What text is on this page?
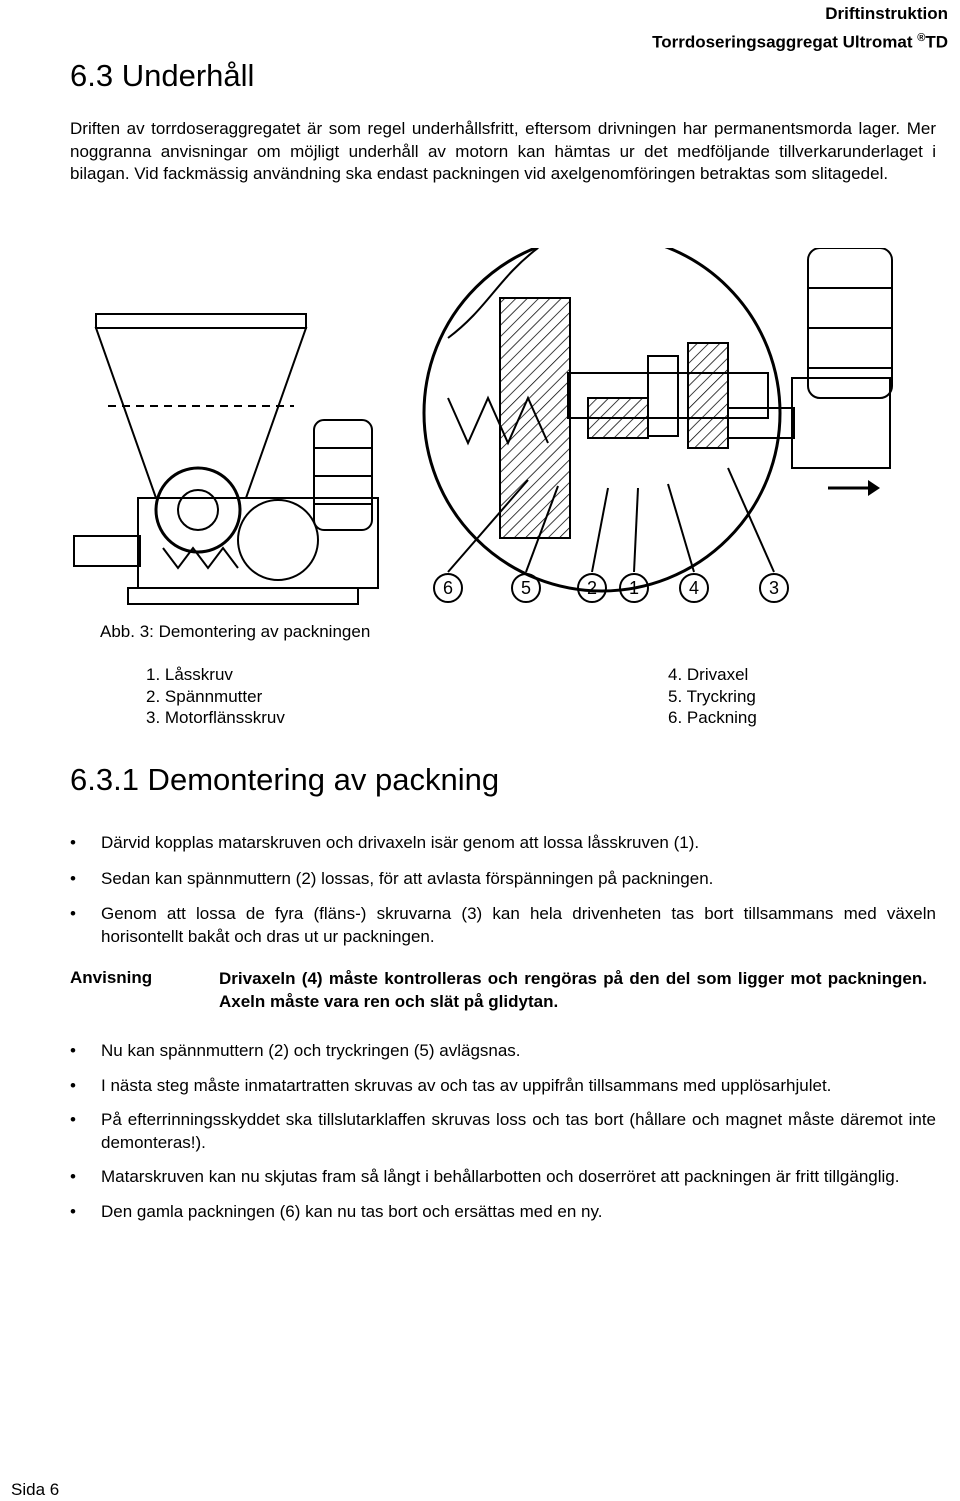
Driftinstruktion
Torrdoseringsaggregat Ultromat ®TD
6.3 Underhåll

Driften av torrdoseraggregatet är som regel underhållsfritt, eftersom drivningen har permanentsmorda lager. Mer noggranna anvisningar om möjligt underhåll av motorn kan hämtas ur det medföljande tillverkarunderlaget i bilagan. Vid fackmässig användning ska endast packningen vid axelgenomföringen betraktas som slitagedel.

6	5	2 1	4	3
Abb. 3: Demontering av packningen
1. Låsskruv
2. Spännmutter
3. Motorflänsskruv
4. Drivaxel
5. Tryckring
6. Packning
6.3.1 Demontering av packning
• Därvid kopplas matarskruven och drivaxeln isär genom att lossa låsskruven (1).
• Sedan kan spännmuttern (2) lossas, för att avlasta förspänningen på packningen.
• Genom att lossa de fyra (fläns-) skruvarna (3) kan hela drivenheten tas bort tillsammans med växeln horisontellt bakåt och dras ut ur packningen.
Anvisning	Drivaxeln (4) måste kontrolleras och rengöras på den del som ligger mot packningen. Axeln måste vara ren och slät på glidytan.
• Nu kan spännmuttern (2) och tryckringen (5) avlägsnas.
• I nästa steg måste inmatartratten skruvas av och tas av uppifrån tillsammans med upplösarhjulet.
• På efterrinningsskyddet ska tillslutarklaffen skruvas loss och tas bort (hållare och magnet måste däremot inte demonteras!).
• Matarskruven kan nu skjutas fram så långt i behållarbotten och doserröret att packningen är fritt tillgänglig.
• Den gamla packningen (6) kan nu tas bort och ersättas med en ny.
Sida 6
